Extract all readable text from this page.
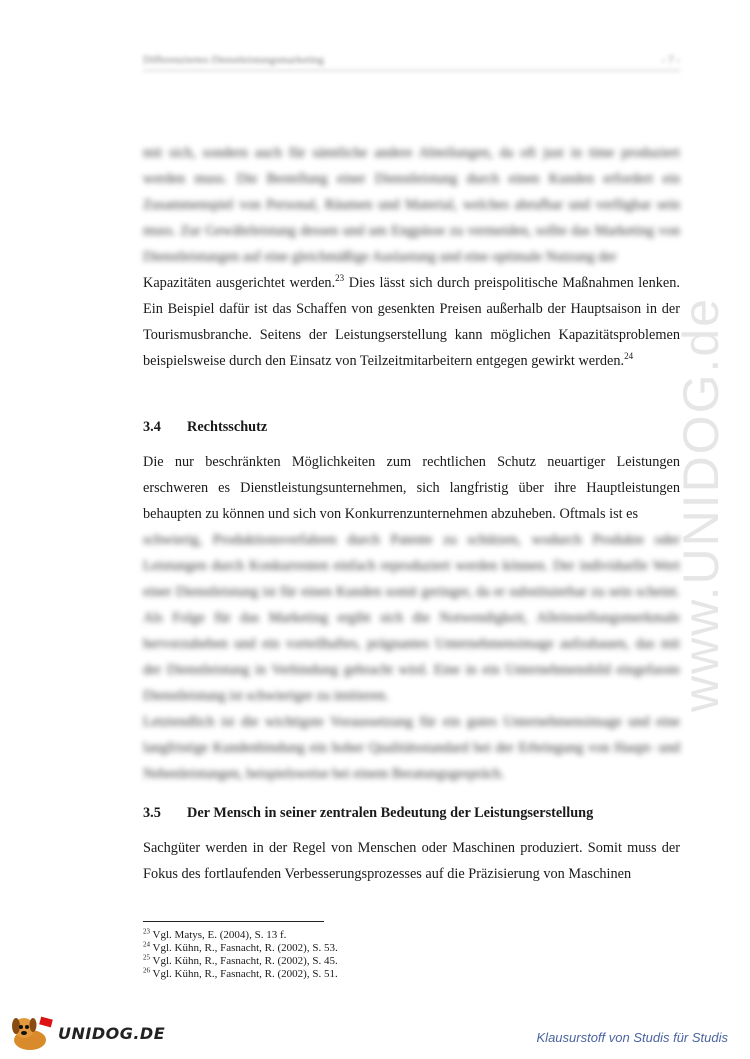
Differenziertes Dienstleistungsmarketing	- 7 -
www.UNIDOG.de

mit sich, sondern auch für sämtliche andere Abteilungen, da oft just in time produziert werden muss. Die Bestellung einer Dienstleistung durch einen Kunden erfordert ein Zusammenspiel von Personal, Räumen und Material, welches abrufbar und verfügbar sein muss. Zur Gewährleistung dessen und um Engpässe zu vermeiden, sollte das Marketing von Dienstleistungen auf eine gleichmäßige Auslastung und eine optimale Nutzung der

Kapazitäten ausgerichtet werden.$^{23}$ Dies lässt sich durch preispolitische Maßnahmen lenken. Ein Beispiel dafür ist das Schaffen von gesenkten Preisen außerhalb der Hauptsaison in der Tourismusbranche. Seitens der Leistungserstellung kann möglichen Kapazitätsproblemen beispielsweise durch den Einsatz von Teilzeitmitarbeitern entgegen gewirkt werden.$^{24}$

3.4 Rechtsschutz

Die nur beschränkten Möglichkeiten zum rechtlichen Schutz neuartiger Leistungen erschweren es Dienstleistungsunternehmen, sich langfristig über ihre Hauptleistungen behaupten zu können und sich von Konkurrenzunternehmen abzuheben. Oftmals ist es

schwierig, Produktionsverfahren durch Patente zu schützen, wodurch Produkte oder Leistungen durch Konkurrenten einfach reproduziert werden können. Der individuelle Wert einer Dienstleistung ist für einen Kunden somit geringer, da er substituierbar zu sein scheint. Als Folge für das Marketing ergibt sich die Notwendigkeit, Alleinstellungsmerkmale hervorzuheben und ein vorteilhaftes, prägnantes Unternehmensimage aufzubauen, das mit der Dienstleistung in Verbindung gebracht wird. Eine in ein Unternehmensbild eingefasste Dienstleistung ist schwieriger zu imitieren.

Letztendlich ist die wichtigste Voraussetzung für ein gutes Unternehmensimage und eine langfristige Kundenbindung ein hoher Qualitätsstandard bei der Erbringung von Haupt- und Nebenleistungen, beispielsweise bei einem Beratungsgespräch.

3.5 Der Mensch in seiner zentralen Bedeutung der Leistungserstellung

Sachgüter werden in der Regel von Menschen oder Maschinen produziert. Somit muss der Fokus des fortlaufenden Verbesserungsprozesses auf die Präzisierung von Maschinen

$^{23}$ Vgl. Matys, E. (2004), S. 13 f.
$^{24}$ Vgl. Kühn, R., Fasnacht, R. (2002), S. 53.
$^{25}$ Vgl. Kühn, R., Fasnacht, R. (2002), S. 45.
$^{26}$ Vgl. Kühn, R., Fasnacht, R. (2002), S. 51.
UNIDOG.DE	Klausurstoff von Studis für Studis
